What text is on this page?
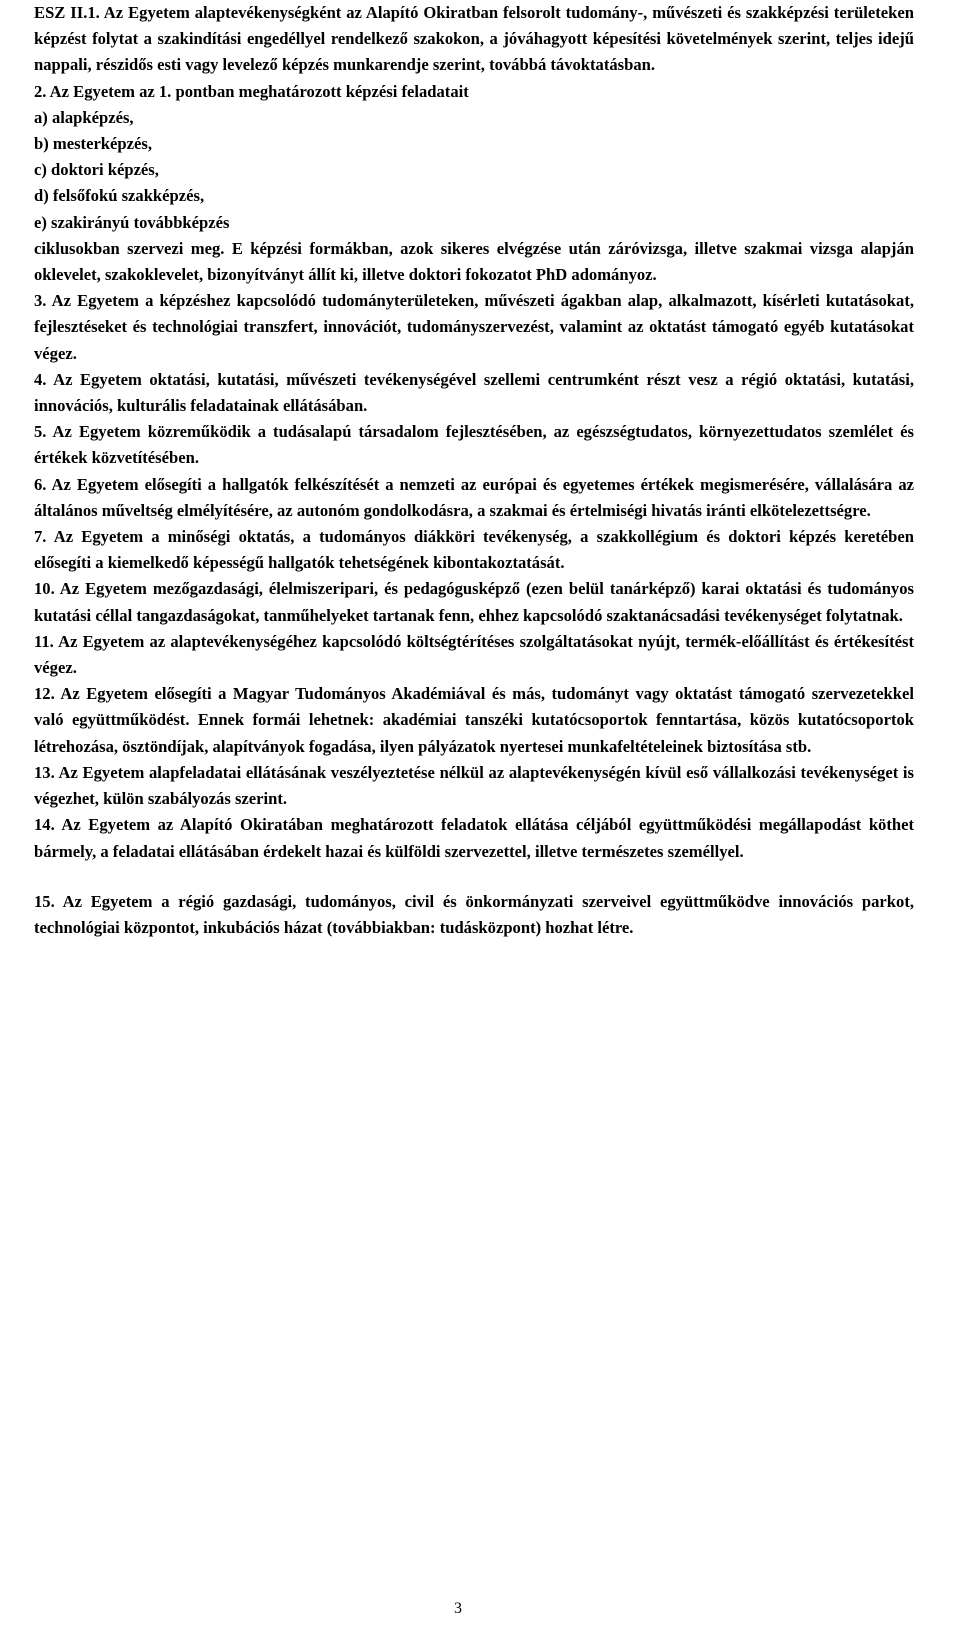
ESZ II.1. Az Egyetem alaptevékenységként az Alapító Okiratban felsorolt tudomány-, művészeti és szakképzési területeken képzést folytat a szakindítási engedéllyel rendelkező szakokon, a jóváhagyott képesítési követelmények szerint, teljes idejű nappali, részidős esti vagy levelező képzés munkarendje szerint, továbbá távoktatásban.

2. Az Egyetem az 1. pontban meghatározott képzési feladatait

a) alapképzés,
b) mesterképzés,
c) doktori képzés,
d) felsőfokú szakképzés,
e) szakirányú továbbképzés

ciklusokban szervezi meg. E képzési formákban, azok sikeres elvégzése után záróvizsga, illetve szakmai vizsga alapján oklevelet, szakoklevelet, bizonyítványt állít ki, illetve doktori fokozatot PhD adományoz.

3. Az Egyetem a képzéshez kapcsolódó tudományterületeken, művészeti ágakban alap, alkalmazott, kísérleti kutatásokat, fejlesztéseket és technológiai transzfert, innovációt, tudományszervezést, valamint az oktatást támogató egyéb kutatásokat végez.

4. Az Egyetem oktatási, kutatási, művészeti tevékenységével szellemi centrumként részt vesz a régió oktatási, kutatási, innovációs, kulturális feladatainak ellátásában.

5. Az Egyetem közreműködik a tudásalapú társadalom fejlesztésében, az egészségtudatos, környezettudatos szemlélet és értékek közvetítésében.

6. Az Egyetem elősegíti a hallgatók felkészítését a nemzeti az európai és egyetemes értékek megismerésére, vállalására az általános műveltség elmélyítésére, az autonóm gondolkodásra, a szakmai és értelmiségi hivatás iránti elkötelezettségre.

7. Az Egyetem a minőségi oktatás, a tudományos diákköri tevékenység, a szakkollégium és doktori képzés keretében elősegíti a kiemelkedő képességű hallgatók tehetségének kibontakoztatását.

10. Az Egyetem mezőgazdasági, élelmiszeripari, és pedagógusképző (ezen belül tanárképző) karai oktatási és tudományos kutatási céllal tangazdaságokat, tanműhelyeket tartanak fenn, ehhez kapcsolódó szaktanácsadási tevékenységet folytatnak.

11. Az Egyetem az alaptevékenységéhez kapcsolódó költségtérítéses szolgáltatásokat nyújt, termék-előállítást és értékesítést végez.

12. Az Egyetem elősegíti a Magyar Tudományos Akadémiával és más, tudományt vagy oktatást támogató szervezetekkel való együttműködést. Ennek formái lehetnek: akadémiai tanszéki kutatócsoportok fenntartása, közös kutatócsoportok létrehozása, ösztöndíjak, alapítványok fogadása, ilyen pályázatok nyertesei munkafeltételeinek biztosítása stb.

13. Az Egyetem alapfeladatai ellátásának veszélyeztetése nélkül az alaptevékenységén kívül eső vállalkozási tevékenységet is végezhet, külön szabályozás szerint.

14. Az Egyetem az Alapító Okiratában meghatározott feladatok ellátása céljából együttműködési megállapodást köthet bármely, a feladatai ellátásában érdekelt hazai és külföldi szervezettel, illetve természetes személlyel.

15. Az Egyetem a régió gazdasági, tudományos, civil és önkormányzati szerveivel együttműködve innovációs parkot, technológiai központot, inkubációs házat (továbbiakban: tudásközpont) hozhat létre.

3
